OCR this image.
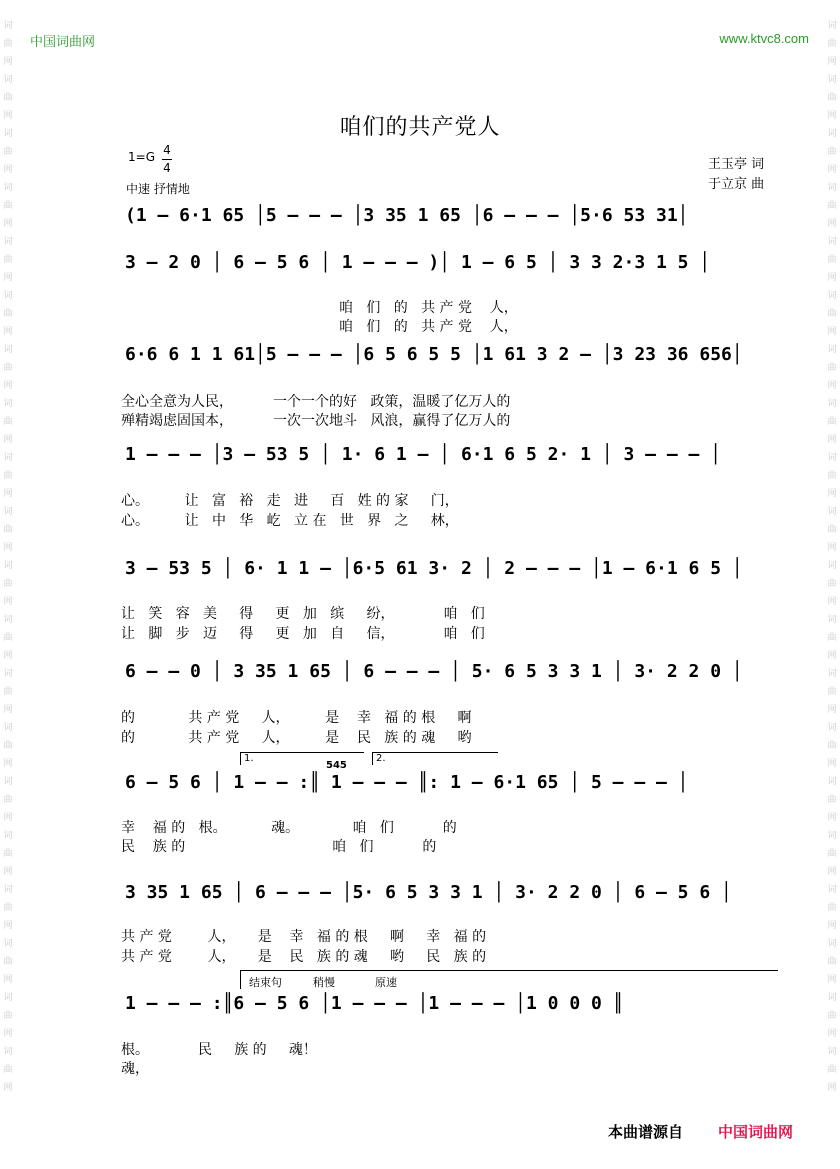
词
曲
网
词
曲
网
词
曲
网
词
曲
网
词
曲
网
词
曲
网
词
曲
网
词
曲
网
词
曲
网
词
曲
网
词
曲
网
词
曲
网
词
曲
网
词
曲
网
词
曲
网
词
曲
网
词
曲
网
词
曲
网
词
曲
网
词
曲
网
词
曲
网
词
曲
网
词
曲
网
词
曲
网
词
曲
网
词
曲
网
词
曲
网
词
曲
网
词
曲
网
词
曲
网
词
曲
网
词
曲
网
词
曲
网
词
曲
网
词
曲
网
词
曲
网
词
曲
网
词
曲
网
词
曲
网
词
曲
网
中国词曲网	www.ktvc8.com
咱们的共产党人
1=G 4
4
中速 抒情地
王玉亭 词
于立京 曲
(1 – 6·1 65 │5 – – – │3 35 1 65 │6 – – – │5·6 53 31│
3 – 2 0 │ 6 – 5 6 │ 1 – – – )│ 1 – 6 5 │ 3 3 2·3 1 5 │
咱   们   的   共 产 党    人，
咱   们   的   共 产 党    人，
6·6 6 1 1 61│5 – – – │6 5 6 5 5 │1 61 3 2 – │3 23 36 656│
全心全意为人民，         一个一个的好   政策，温暖了亿万人的
殚精竭虑固国本，         一次一次地斗   风浪，赢得了亿万人的
1 – – – │3 – 53 5 │ 1· 6 1 – │ 6·1 6 5 2· 1 │ 3 – – – │
心。        让   富   裕   走   进     百   姓 的 家     门，
心。        让   中   华   屹   立 在   世   界   之     林，
3 – 53 5 │ 6· 1 1 – │6·5 61 3· 2 │ 2 – – – │1 – 6·1 6 5 │
让   笑   容   美     得     更   加   缤     纷，           咱   们
让   脚   步   迈     得     更   加   自     信，           咱   们
6 – – 0 │ 3 35 1 65 │ 6 – – – │ 5· 6 5 3 3 1 │ 3· 2 2 0 │
的            共 产 党     人，        是    幸   福 的 根     啊
的            共 产 党     人，        是    民   族 的 魂     哟
1.	2.
545
6 – 5 6 │ 1 – – :║ 1 – – – ║: 1 – 6·1 65 │ 5 – – – │
幸    福 的   根。          魂。            咱   们           的
民    族 的                                 咱   们           的
3 35 1 65 │ 6 – – – │5· 6 5 3 3 1 │ 3· 2 2 0 │ 6 – 5 6 │
共 产 党        人，     是    幸   福 的 根     啊     幸   福 的
共 产 党        人，     是    民   族 的 魂     哟     民   族 的
结束句	稍慢	原速
1 – – – :║6 – 5 6 │1 – – – │1 – – – │1 0 0 0 ║
根。           民     族 的     魂！
魂，
本曲谱源自 中国词曲网
